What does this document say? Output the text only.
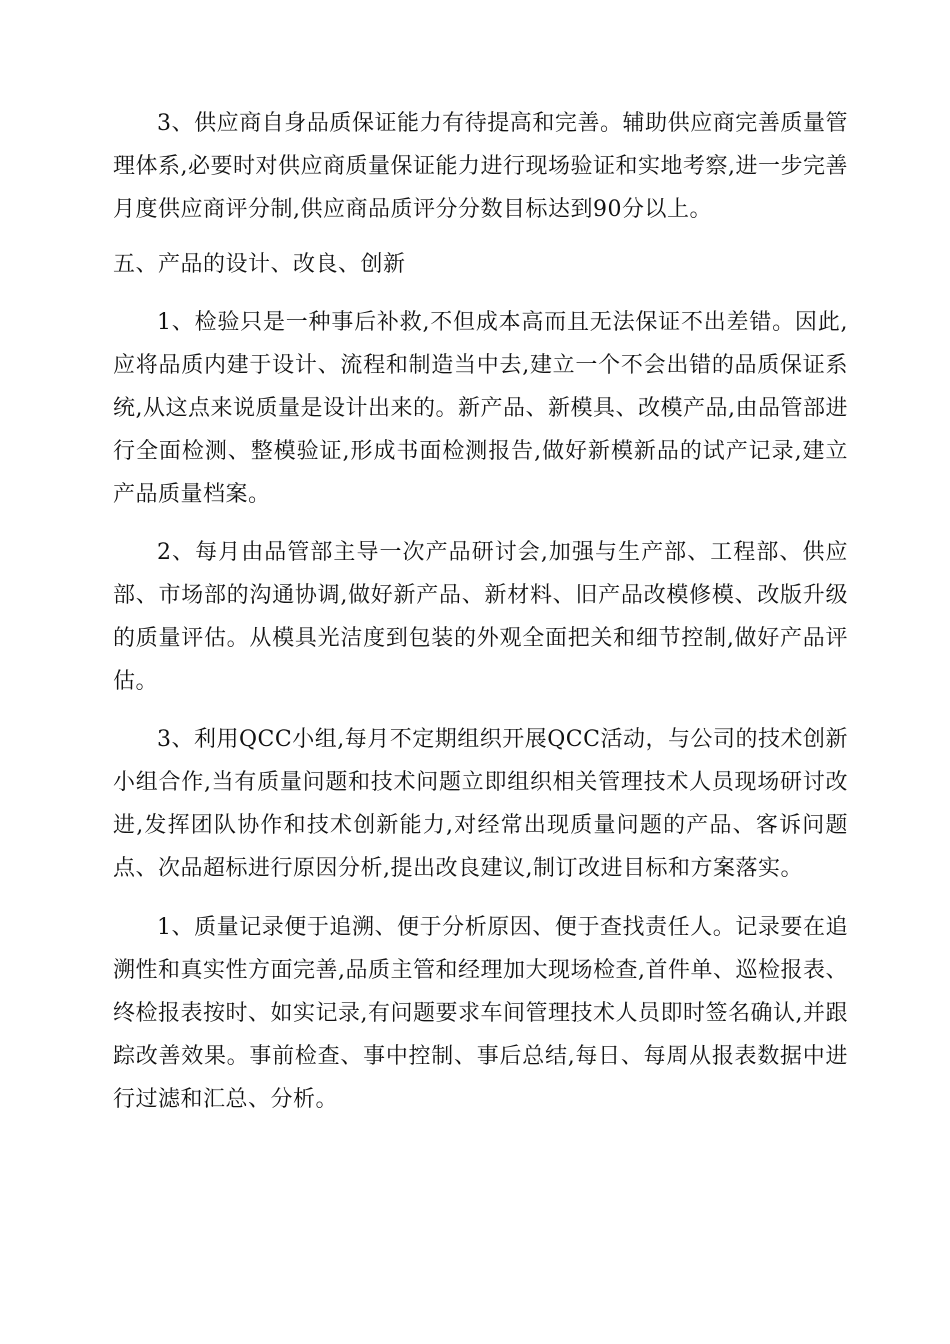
3、供应商自身品质保证能力有待提高和完善。辅助供应商完善质量管理体系,必要时对供应商质量保证能力进行现场验证和实地考察,进一步完善月度供应商评分制,供应商品质评分分数目标达到90分以上。

五、产品的设计、改良、创新

1、检验只是一种事后补救,不但成本高而且无法保证不出差错。因此,应将品质内建于设计、流程和制造当中去,建立一个不会出错的品质保证系统,从这点来说质量是设计出来的。新产品、新模具、改模产品,由品管部进行全面检测、整模验证,形成书面检测报告,做好新模新品的试产记录,建立产品质量档案。

2、每月由品管部主导一次产品研讨会,加强与生产部、工程部、供应部、市场部的沟通协调,做好新产品、新材料、旧产品改模修模、改版升级的质量评估。从模具光洁度到包装的外观全面把关和细节控制,做好产品评估。

3、利用QCC小组,每月不定期组织开展QCC活动，与公司的技术创新小组合作,当有质量问题和技术问题立即组织相关管理技术人员现场研讨改进,发挥团队协作和技术创新能力,对经常出现质量问题的产品、客诉问题点、次品超标进行原因分析,提出改良建议,制订改进目标和方案落实。

1、质量记录便于追溯、便于分析原因、便于查找责任人。记录要在追溯性和真实性方面完善,品质主管和经理加大现场检查,首件单、巡检报表、终检报表按时、如实记录,有问题要求车间管理技术人员即时签名确认,并跟踪改善效果。事前检查、事中控制、事后总结,每日、每周从报表数据中进行过滤和汇总、分析。
